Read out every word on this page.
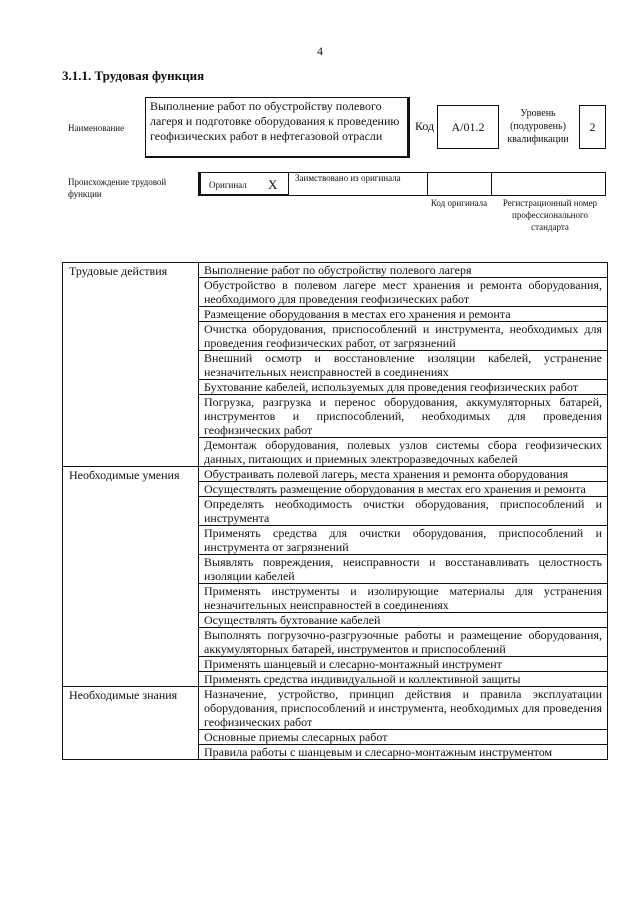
4
3.1.1. Трудовая функция
Наименование
Выполнение работ по обустройству полевого лагеря и подготовке оборудования к проведению геофизических работ в нефтегазовой отрасли
Код A/01.2
Уровень (подуровень) квалификации
2
Происхождение трудовой функции
Оригинал X Заимствовано из оригинала
Код оригинала	Регистрационный номер профессионального стандарта
Трудовые действия	Выполнение работ по обустройству полевого лагеря
	Обустройство в полевом лагере мест хранения и ремонта оборудования, необходимого для проведения геофизических работ
	Размещение оборудования в местах его хранения и ремонта
	Очистка оборудования, приспособлений и инструмента, необходимых для проведения геофизических работ, от загрязнений
	Внешний осмотр и восстановление изоляции кабелей, устранение незначительных неисправностей в соединениях
	Бухтование кабелей, используемых для проведения геофизических работ
	Погрузка, разгрузка и перенос оборудования, аккумуляторных батарей, инструментов и приспособлений, необходимых для проведения геофизических работ
	Демонтаж оборудования, полевых узлов системы сбора геофизических данных, питающих и приемных электроразведочных кабелей
Необходимые умения	Обустраивать полевой лагерь, места хранения и ремонта оборудования
	Осуществлять размещение оборудования в местах его хранения и ремонта
	Определять необходимость очистки оборудования, приспособлений и инструмента
	Применять средства для очистки оборудования, приспособлений и инструмента от загрязнений
	Выявлять повреждения, неисправности и восстанавливать целостность изоляции кабелей
	Применять инструменты и изолирующие материалы для устранения незначительных неисправностей в соединениях
	Осуществлять бухтование кабелей
	Выполнять погрузочно-разгрузочные работы и размещение оборудования, аккумуляторных батарей, инструментов и приспособлений
	Применять шанцевый и слесарно-монтажный инструмент
	Применять средства индивидуальной и коллективной защиты
Необходимые знания	Назначение, устройство, принцип действия и правила эксплуатации оборудования, приспособлений и инструмента, необходимых для проведения геофизических работ
	Основные приемы слесарных работ
	Правила работы с шанцевым и слесарно-монтажным инструментом
